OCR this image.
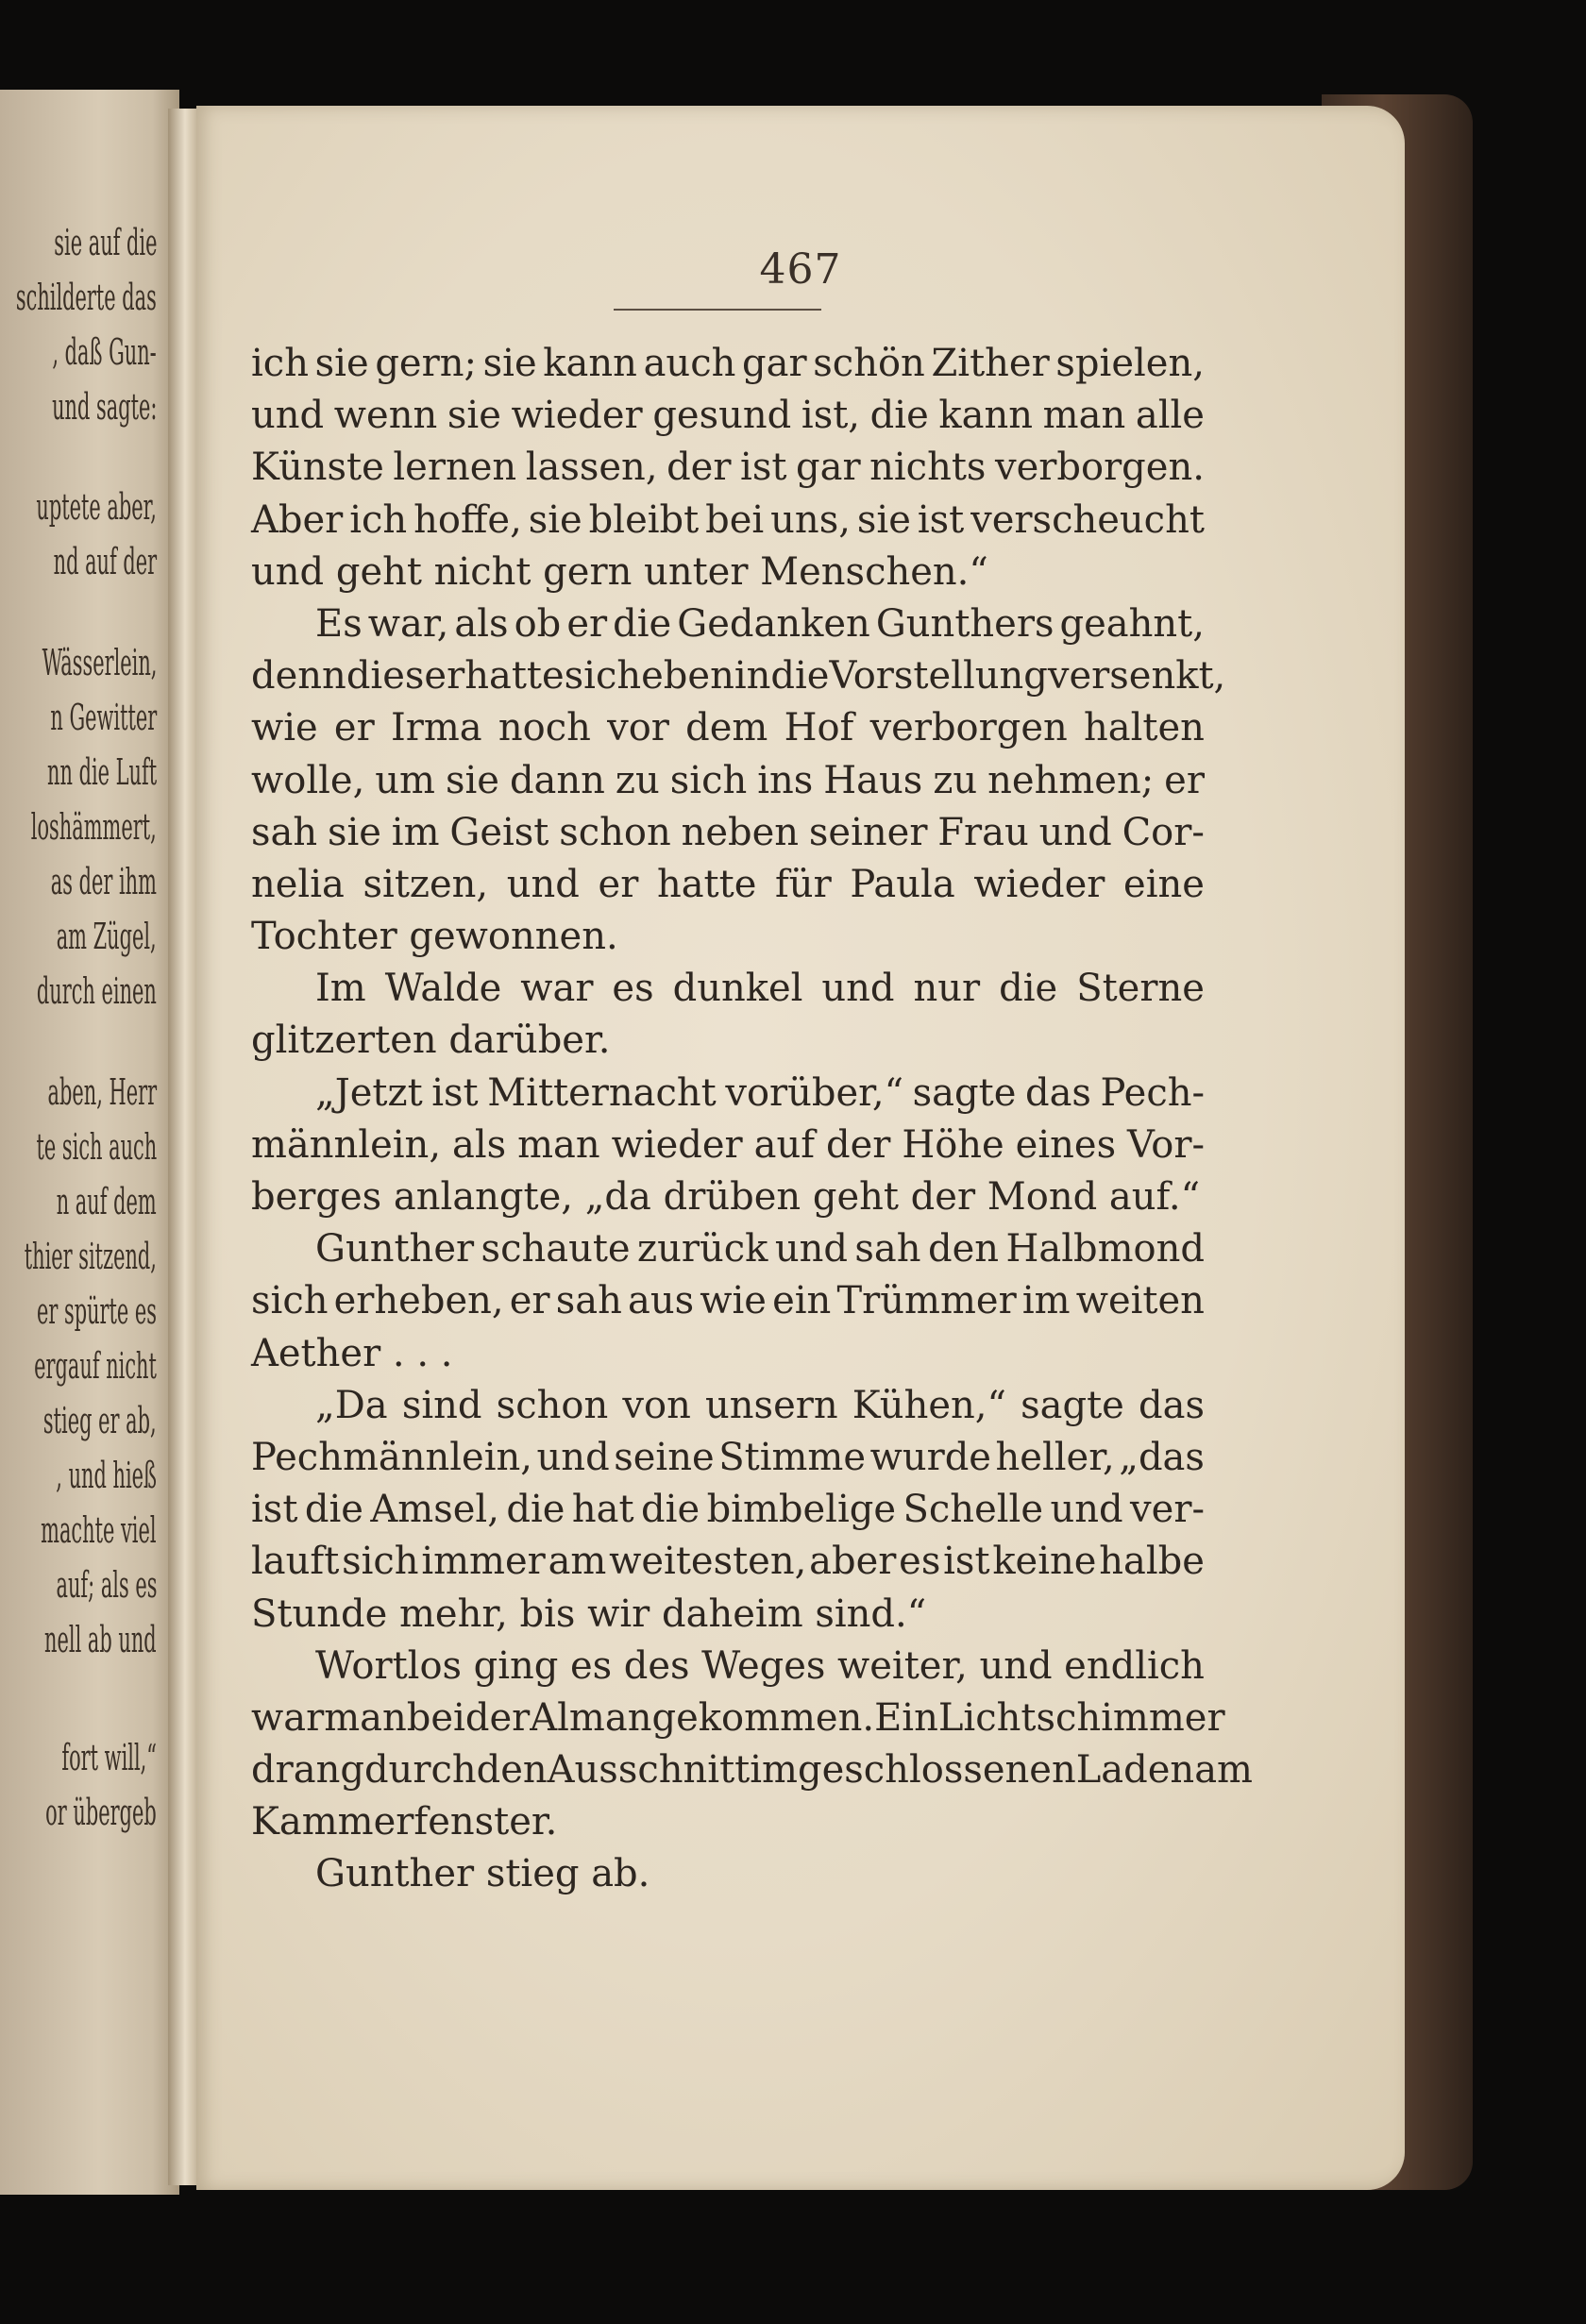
sie auf die
schilderte das
, daß Gun-
und sagte:
uptete aber,
nd auf der
Wässerlein,
n Gewitter
nn die Luft
loshämmert,
as der ihm
am Zügel,
durch einen
aben, Herr
te sich auch
n auf dem
thier sitzend,
er spürte es
ergauf nicht
stieg er ab,
, und hieß
machte viel
auf; als es
nell ab und
fort will,“
or übergeb
467
ich sie gern; sie kann auch gar schön Zither spielen,
und wenn sie wieder gesund ist, die kann man alle
Künste lernen lassen, der ist gar nichts verborgen.
Aber ich hoffe, sie bleibt bei uns, sie ist verscheucht
und geht nicht gern unter Menschen.“
Es war, als ob er die Gedanken Gunthers geahnt,
denn dieser hatte sich eben in die Vorstellung versenkt,
wie er Irma noch vor dem Hof verborgen halten
wolle, um sie dann zu sich ins Haus zu nehmen; er
sah sie im Geist schon neben seiner Frau und Cor-
nelia sitzen, und er hatte für Paula wieder eine
Tochter gewonnen.
Im Walde war es dunkel und nur die Sterne
glitzerten darüber.
„Jetzt ist Mitternacht vorüber,“ sagte das Pech-
männlein, als man wieder auf der Höhe eines Vor-
berges anlangte, „da drüben geht der Mond auf.“
Gunther schaute zurück und sah den Halbmond
sich erheben, er sah aus wie ein Trümmer im weiten
Aether . . .
„Da sind schon von unsern Kühen,“ sagte das
Pechmännlein, und seine Stimme wurde heller, „das
ist die Amsel, die hat die bimbelige Schelle und ver-
lauft sich immer am weitesten, aber es ist keine halbe
Stunde mehr, bis wir daheim sind.“
Wortlos ging es des Weges weiter, und endlich
war man bei der Alm angekommen. Ein Lichtschimmer
drang durch den Ausschnitt im geschlossenen Laden am
Kammerfenster.
Gunther stieg ab.
